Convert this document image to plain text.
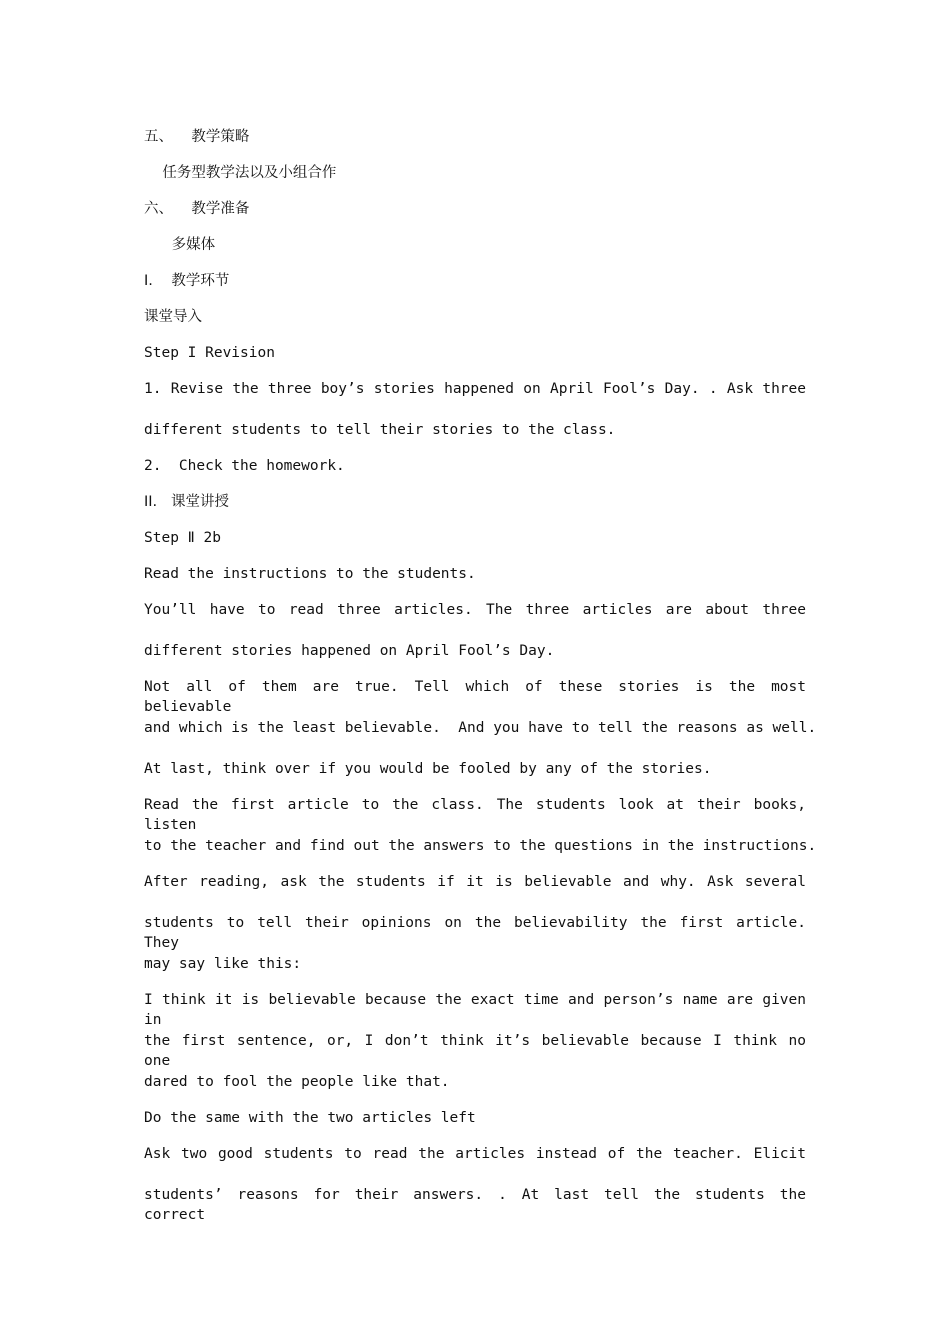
五、    教学策略
任务型教学法以及小组合作
六、    教学准备
多媒体
I.    教学环节
课堂导入
Step I Revision
1. Revise the three boy’s stories happened on April Fool’s Day. . Ask three
different students to tell their stories to the class.
2.  Check the homework.
II.   课堂讲授
Step Ⅱ 2b
Read the instructions to the students.
You’ll have to read three articles. The three articles are about three
different stories happened on April Fool’s Day.
Not all of them are true. Tell which of these stories is the most believable
and which is the least believable.  And you have to tell the reasons as well.
At last, think over if you would be fooled by any of the stories.
Read the first article to the class. The students look at their books, listen
to the teacher and find out the answers to the questions in the instructions.
After reading, ask the students if it is believable and why. Ask several
students to tell their opinions on the believability the first article. They
may say like this:
I think it is believable because the exact time and person’s name are given in
the first sentence, or, I don’t think it’s believable because I think no one
dared to fool the people like that.
Do the same with the two articles left
Ask two good students to read the articles instead of the teacher. Elicit
students’ reasons for their answers. . At last tell the students the correct
